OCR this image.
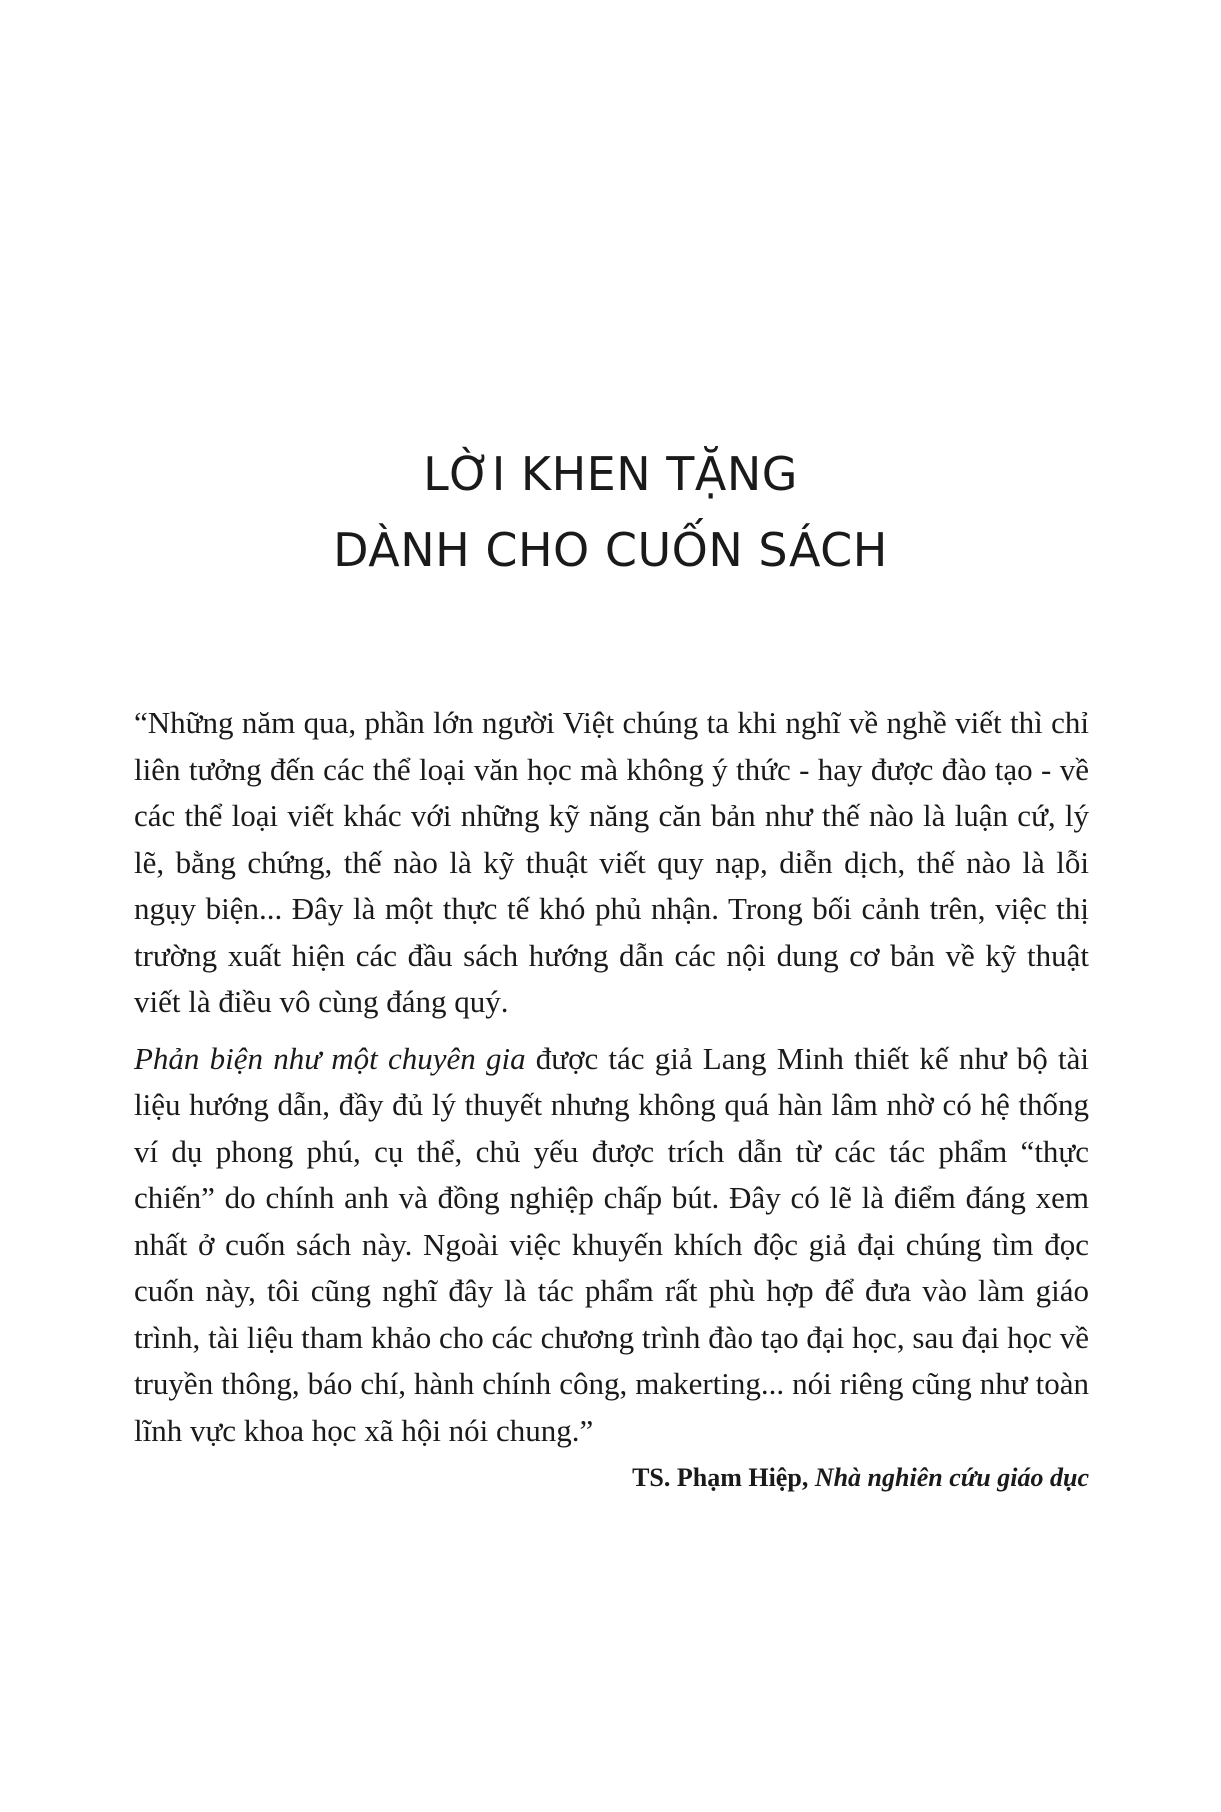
LỜI KHEN TẶNG
DÀNH CHO CUỐN SÁCH

“Những năm qua, phần lớn người Việt chúng ta khi nghĩ về nghề viết thì chỉ liên tưởng đến các thể loại văn học mà không ý thức - hay được đào tạo - về các thể loại viết khác với những kỹ năng căn bản như thế nào là luận cứ, lý lẽ, bằng chứng, thế nào là kỹ thuật viết quy nạp, diễn dịch, thế nào là lỗi ngụy biện... Đây là một thực tế khó phủ nhận. Trong bối cảnh trên, việc thị trường xuất hiện các đầu sách hướng dẫn các nội dung cơ bản về kỹ thuật viết là điều vô cùng đáng quý.

Phản biện như một chuyên gia được tác giả Lang Minh thiết kế như bộ tài liệu hướng dẫn, đầy đủ lý thuyết nhưng không quá hàn lâm nhờ có hệ thống ví dụ phong phú, cụ thể, chủ yếu được trích dẫn từ các tác phẩm “thực chiến” do chính anh và đồng nghiệp chấp bút. Đây có lẽ là điểm đáng xem nhất ở cuốn sách này. Ngoài việc khuyến khích độc giả đại chúng tìm đọc cuốn này, tôi cũng nghĩ đây là tác phẩm rất phù hợp để đưa vào làm giáo trình, tài liệu tham khảo cho các chương trình đào tạo đại học, sau đại học về truyền thông, báo chí, hành chính công, makerting... nói riêng cũng như toàn lĩnh vực khoa học xã hội nói chung.”

TS. Phạm Hiệp, Nhà nghiên cứu giáo dục
